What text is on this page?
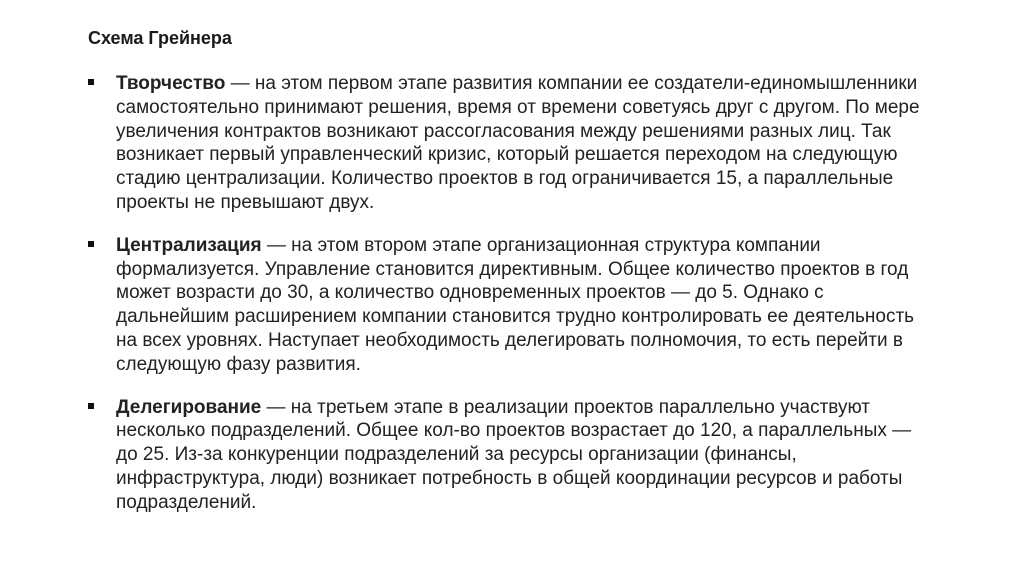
Схема Грейнера
Творчество — на этом первом этапе развития компании ее создатели-единомышленники самостоятельно принимают решения, время от времени советуясь друг с другом. По мере увеличения контрактов возникают рассогласования между решениями разных лиц. Так возникает первый управленческий кризис, который решается переходом на следующую стадию централизации. Количество проектов в год ограничивается 15, а параллельные проекты не превышают двух.
Централизация — на этом втором этапе организационная структура компании формализуется. Управление становится директивным. Общее количество проектов в год может возрасти до 30, а количество одновременных проектов — до 5. Однако с дальнейшим расширением компании становится трудно контролировать ее деятельность на всех уровнях. Наступает необходимость делегировать полномочия, то есть перейти в следующую фазу развития.
Делегирование — на третьем этапе в реализации проектов параллельно участвуют несколько подразделений. Общее кол-во проектов возрастает до 120, а параллельных — до 25. Из-за конкуренции подразделений за ресурсы организации (финансы, инфраструктура, люди) возникает потребность в общей координации ресурсов и работы подразделений.
